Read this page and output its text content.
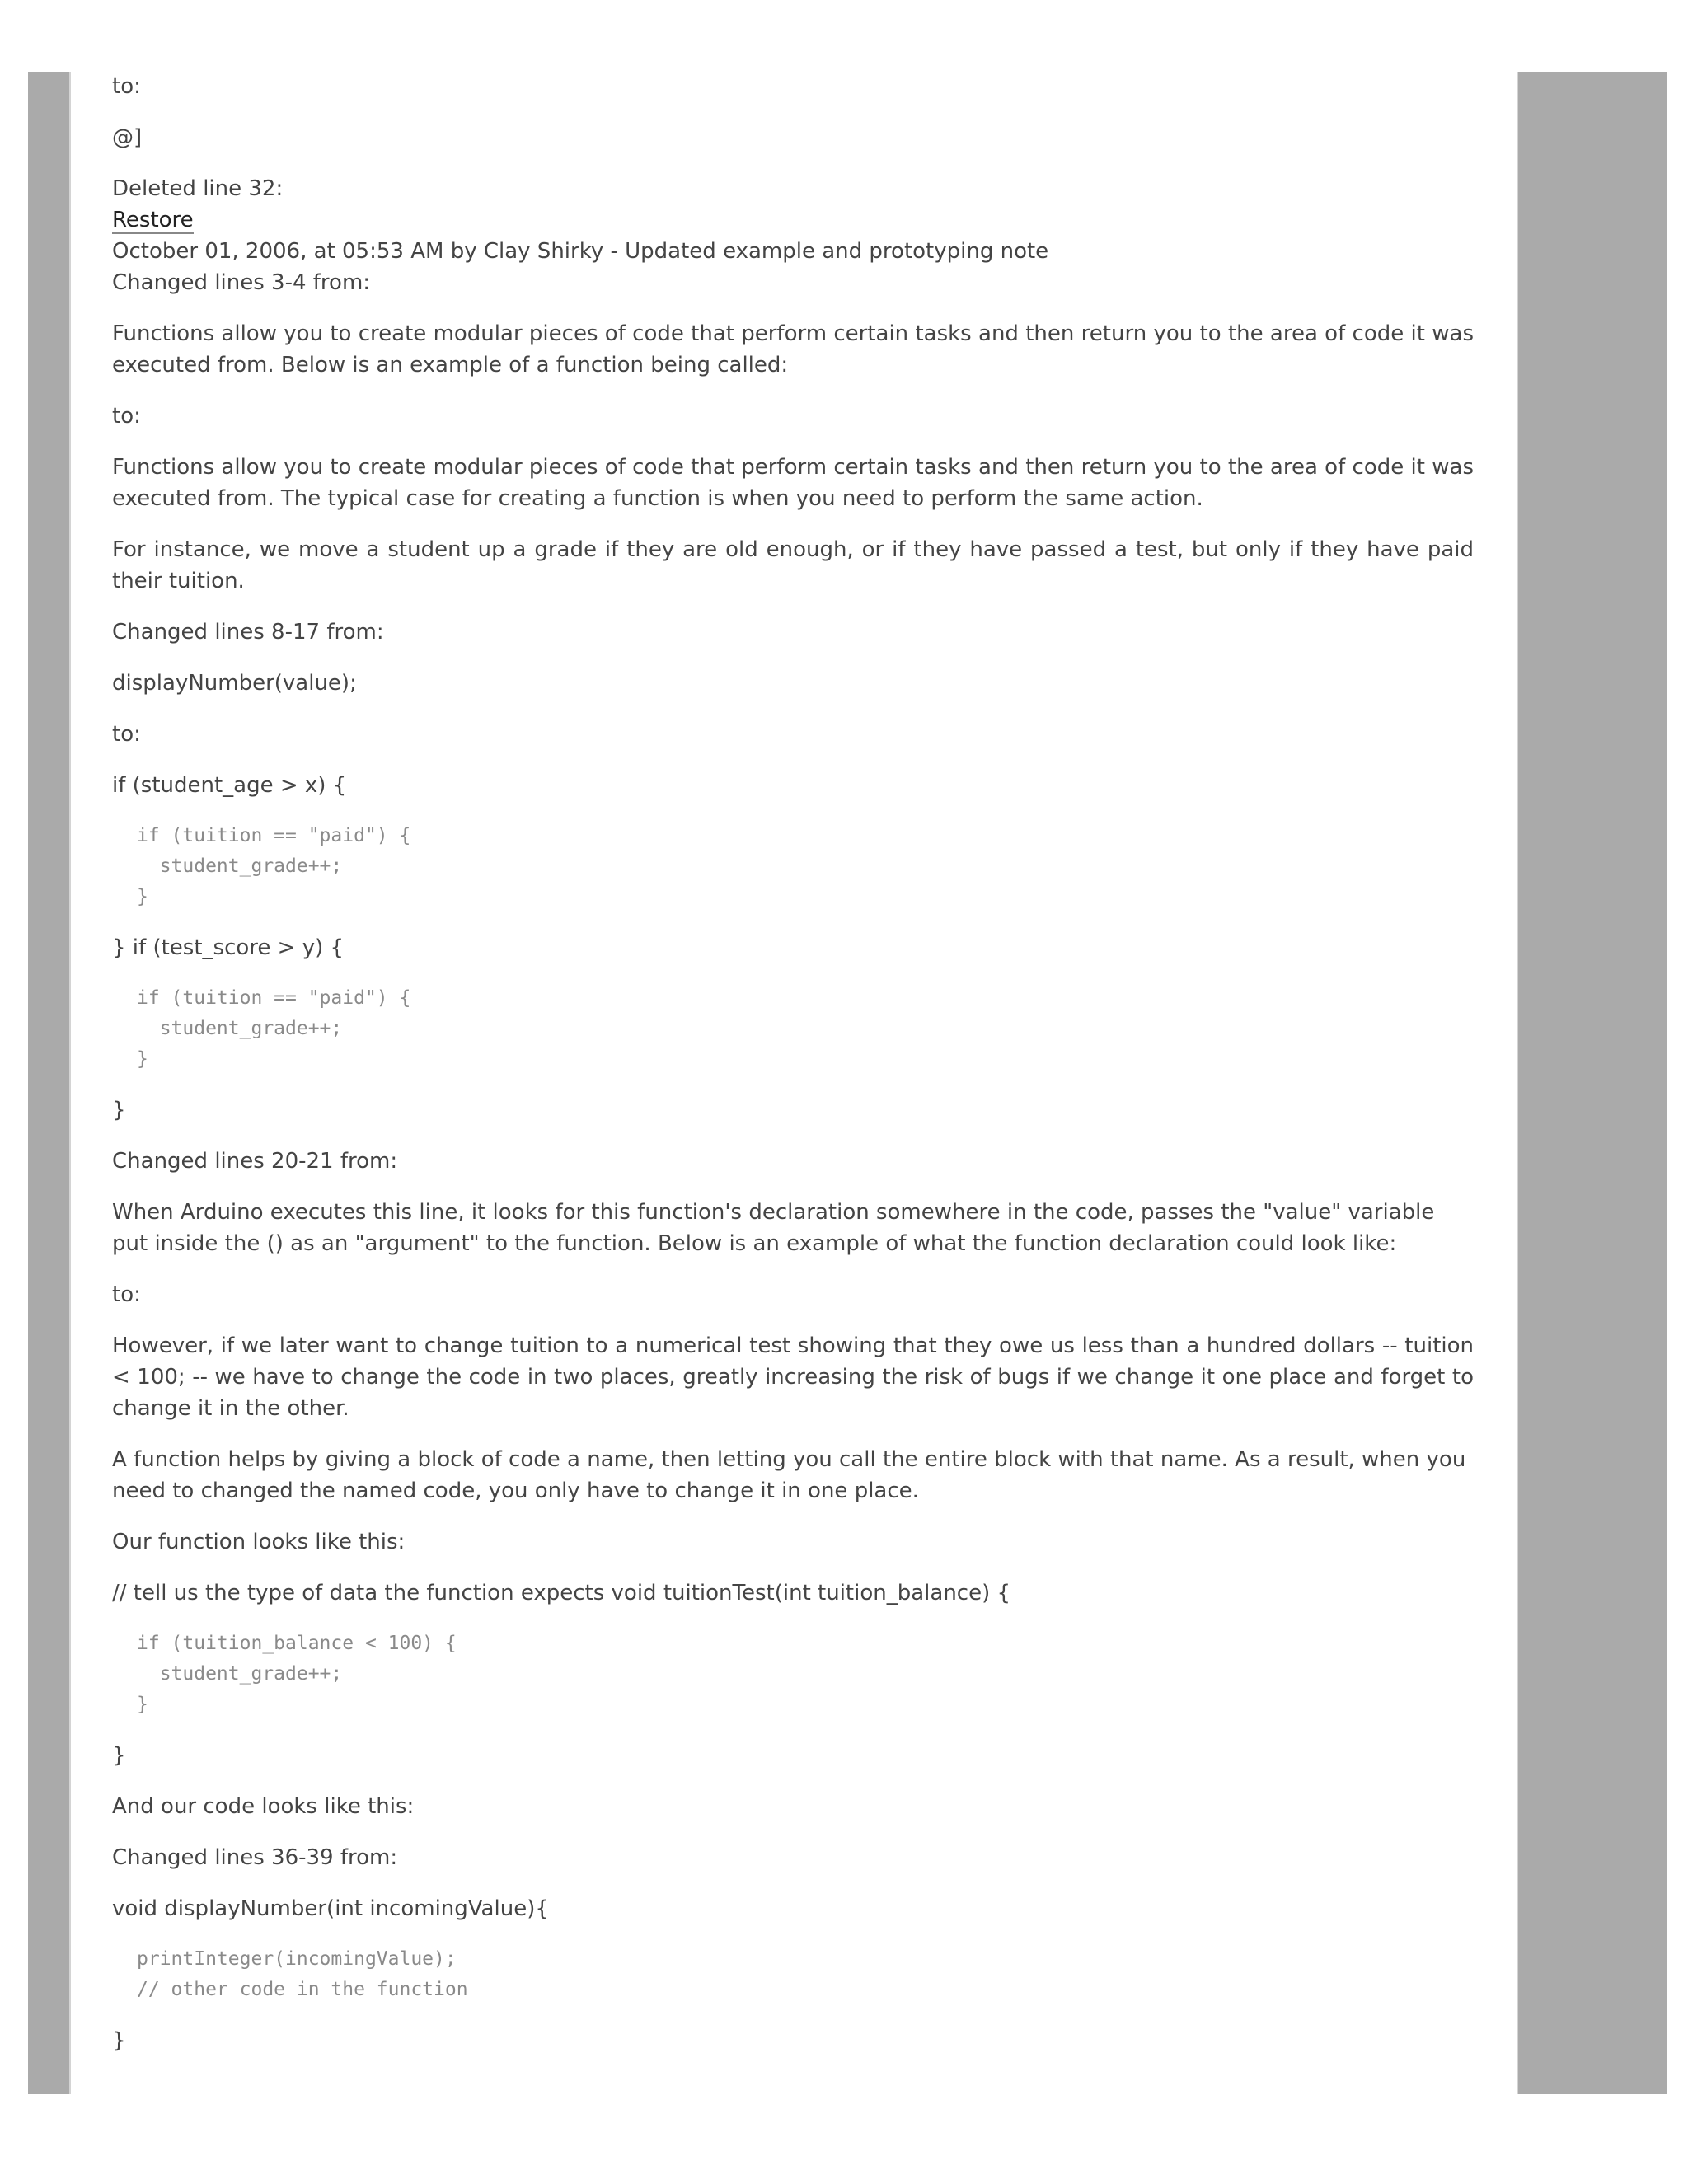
to:

@]

Deleted line 32:

Restore

October 01, 2006, at 05:53 AM by Clay Shirky - Updated example and prototyping note

Changed lines 3-4 from:

Functions allow you to create modular pieces of code that perform certain tasks and then return you to the area of code it was executed from. Below is an example of a function being called:

to:

Functions allow you to create modular pieces of code that perform certain tasks and then return you to the area of code it was executed from. The typical case for creating a function is when you need to perform the same action.

For instance, we move a student up a grade if they are old enough, or if they have passed a test, but only if they have paid their tuition.

Changed lines 8-17 from:

displayNumber(value);

to:

if (student_age > x) {

if (tuition == "paid") {
student_grade++;
}

} if (test_score > y) {

if (tuition == "paid") {
student_grade++;
}

}

Changed lines 20-21 from:

When Arduino executes this line, it looks for this function's declaration somewhere in the code, passes the "value" variable put inside the () as an "argument" to the function. Below is an example of what the function declaration could look like:

to:

However, if we later want to change tuition to a numerical test showing that they owe us less than a hundred dollars -- tuition < 100; -- we have to change the code in two places, greatly increasing the risk of bugs if we change it one place and forget to change it in the other.

A function helps by giving a block of code a name, then letting you call the entire block with that name. As a result, when you need to changed the named code, you only have to change it in one place.

Our function looks like this:

// tell us the type of data the function expects void tuitionTest(int tuition_balance) {

if (tuition_balance < 100) {
student_grade++;
}

}

And our code looks like this:

Changed lines 36-39 from:

void displayNumber(int incomingValue){

printInteger(incomingValue);
// other code in the function

}
